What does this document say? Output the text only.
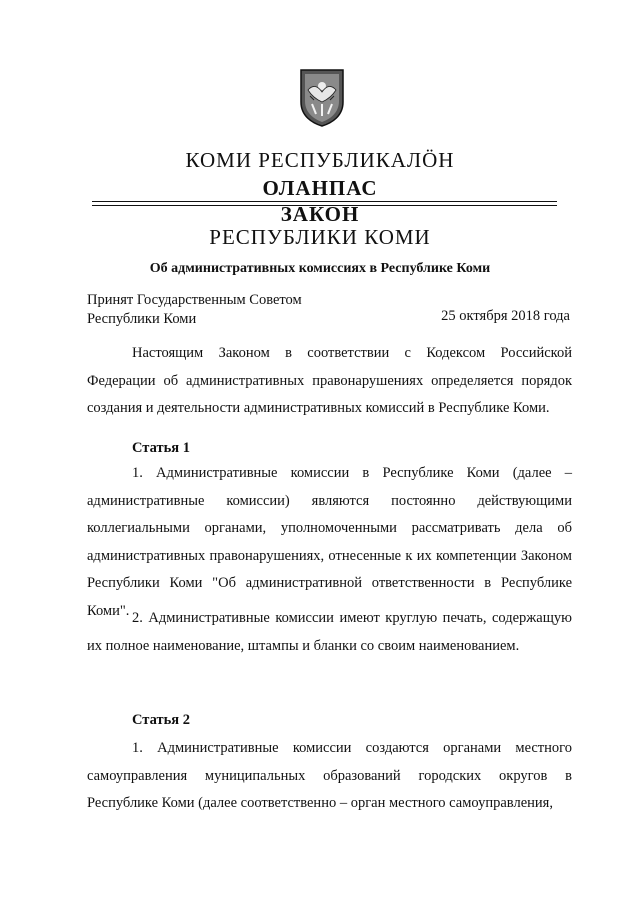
КОМИ РЕСПУБЛИКАЛÖН
ОЛАНПАС
ЗАКОН
РЕСПУБЛИКИ КОМИ
Об административных комиссиях в Республике Коми
Принят Государственным Советом
Республики Коми	25 октября 2018 года
Настоящим Законом в соответствии с Кодексом Российской Федерации об административных правонарушениях определяется порядок создания и деятельности административных комиссий в Республике Коми.
Статья 1
1. Административные комиссии в Республике Коми (далее – административные комиссии) являются постоянно действующими коллегиальными органами, уполномоченными рассматривать дела об административных правонарушениях, отнесенные к их компетенции Законом Республики Коми "Об административной ответственности в Республике Коми". 2. Административные комиссии имеют круглую печать, содержащую их полное наименование, штампы и бланки со своим наименованием.
Статья 2
1. Административные комиссии создаются органами местного самоуправления муниципальных образований городских округов в Республике Коми (далее соответственно – орган местного самоуправления,
